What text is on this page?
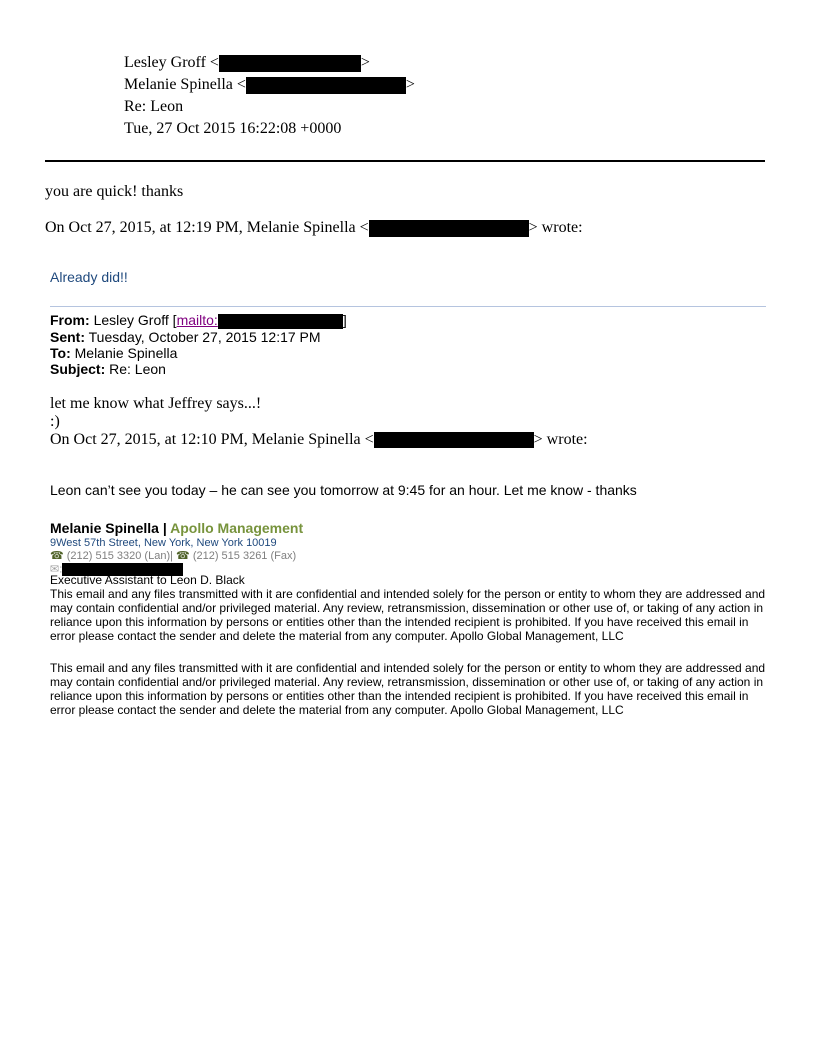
Lesley Groff <	>
Melanie Spinella <	>
Re: Leon
Tue, 27 Oct 2015 16:22:08 +0000
you are quick! thanks
On Oct 27, 2015, at 12:19 PM, Melanie Spinella <	> wrote:
Already did!!
From: Lesley Groff [mailto:	]
Sent: Tuesday, October 27, 2015 12:17 PM
To: Melanie Spinella
Subject: Re: Leon
let me know what Jeffrey says...!
:)
On Oct 27, 2015, at 12:10 PM, Melanie Spinella <	> wrote:
Leon can’t see you today – he can see you tomorrow at 9:45 for an hour. Let me know - thanks
Melanie Spinella | Apollo Management
9West 57th Street, New York, New York 10019
☎ (212) 515 3320 (Lan)| ☎ (212) 515 3261 (Fax)
✉:
Executive Assistant to Leon D. Black
This email and any files transmitted with it are confidential and intended solely for the person or entity to whom they are addressed and may contain confidential and/or privileged material. Any review, retransmission, dissemination or other use of, or taking of any action in reliance upon this information by persons or entities other than the intended recipient is prohibited. If you have received this email in error please contact the sender and delete the material from any computer. Apollo Global Management, LLC
This email and any files transmitted with it are confidential and intended solely for the person or entity to whom they are addressed and may contain confidential and/or privileged material. Any review, retransmission, dissemination or other use of, or taking of any action in reliance upon this information by persons or entities other than the intended recipient is prohibited. If you have received this email in error please contact the sender and delete the material from any computer. Apollo Global Management, LLC
